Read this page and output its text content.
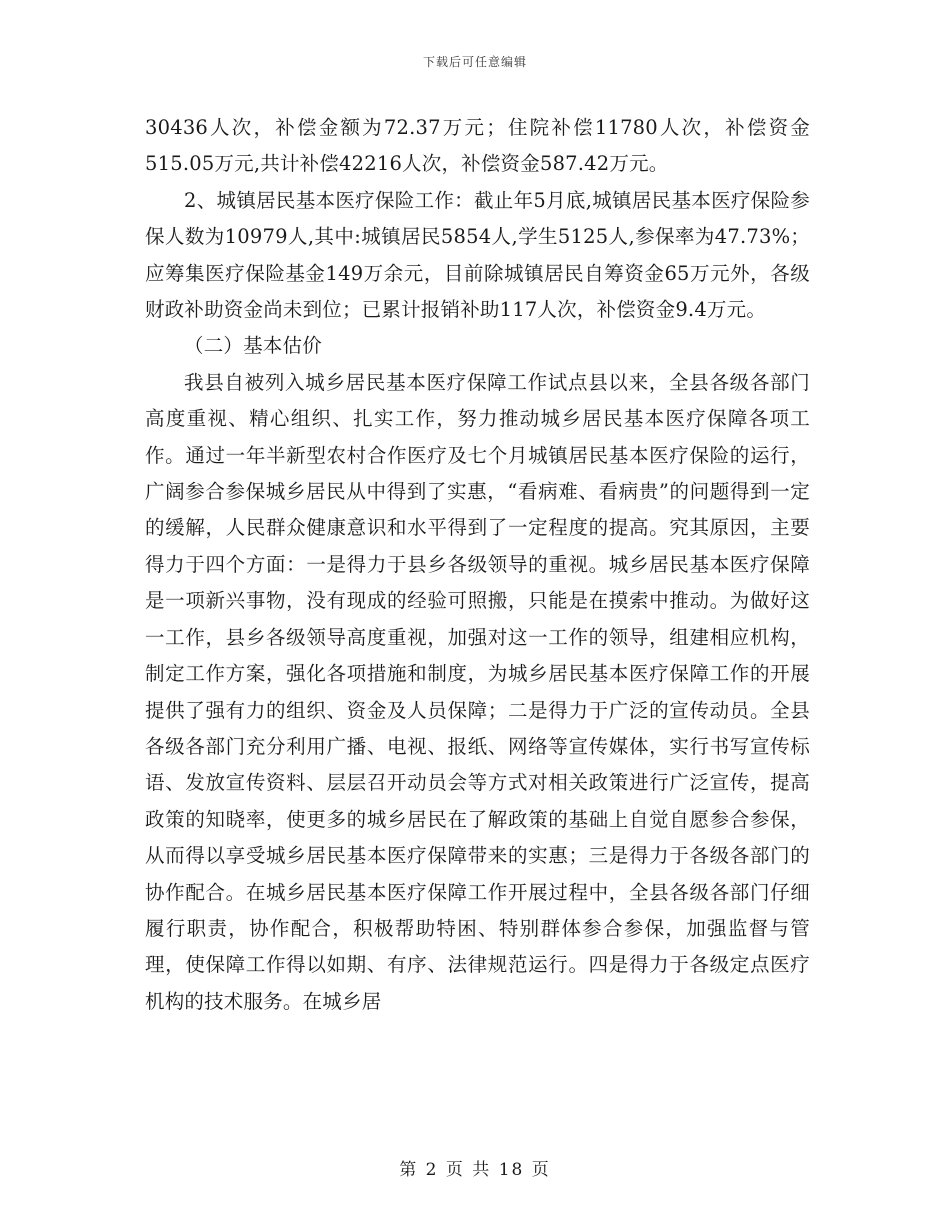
下载后可任意编辑

30436人次，补偿金额为72.37万元；住院补偿11780人次，补偿资金515.05万元,共计补偿42216人次，补偿资金587.42万元。

2、城镇居民基本医疗保险工作：截止年5月底,城镇居民基本医疗保险参保人数为10979人,其中:城镇居民5854人,学生5125人,参保率为47.73%；应筹集医疗保险基金149万余元，目前除城镇居民自筹资金65万元外，各级财政补助资金尚未到位；已累计报销补助117人次，补偿资金9.4万元。

（二）基本估价

我县自被列入城乡居民基本医疗保障工作试点县以来，全县各级各部门高度重视、精心组织、扎实工作，努力推动城乡居民基本医疗保障各项工作。通过一年半新型农村合作医疗及七个月城镇居民基本医疗保险的运行，广阔参合参保城乡居民从中得到了实惠，“看病难、看病贵”的问题得到一定的缓解，人民群众健康意识和水平得到了一定程度的提高。究其原因，主要得力于四个方面：一是得力于县乡各级领导的重视。城乡居民基本医疗保障是一项新兴事物，没有现成的经验可照搬，只能是在摸索中推动。为做好这一工作，县乡各级领导高度重视，加强对这一工作的领导，组建相应机构，制定工作方案，强化各项措施和制度，为城乡居民基本医疗保障工作的开展提供了强有力的组织、资金及人员保障；二是得力于广泛的宣传动员。全县各级各部门充分利用广播、电视、报纸、网络等宣传媒体，实行书写宣传标语、发放宣传资料、层层召开动员会等方式对相关政策进行广泛宣传，提高政策的知晓率，使更多的城乡居民在了解政策的基础上自觉自愿参合参保，从而得以享受城乡居民基本医疗保障带来的实惠；三是得力于各级各部门的协作配合。在城乡居民基本医疗保障工作开展过程中，全县各级各部门仔细履行职责，协作配合，积极帮助特困、特别群体参合参保，加强监督与管理，使保障工作得以如期、有序、法律规范运行。四是得力于各级定点医疗机构的技术服务。在城乡居

第 2 页 共 18 页
